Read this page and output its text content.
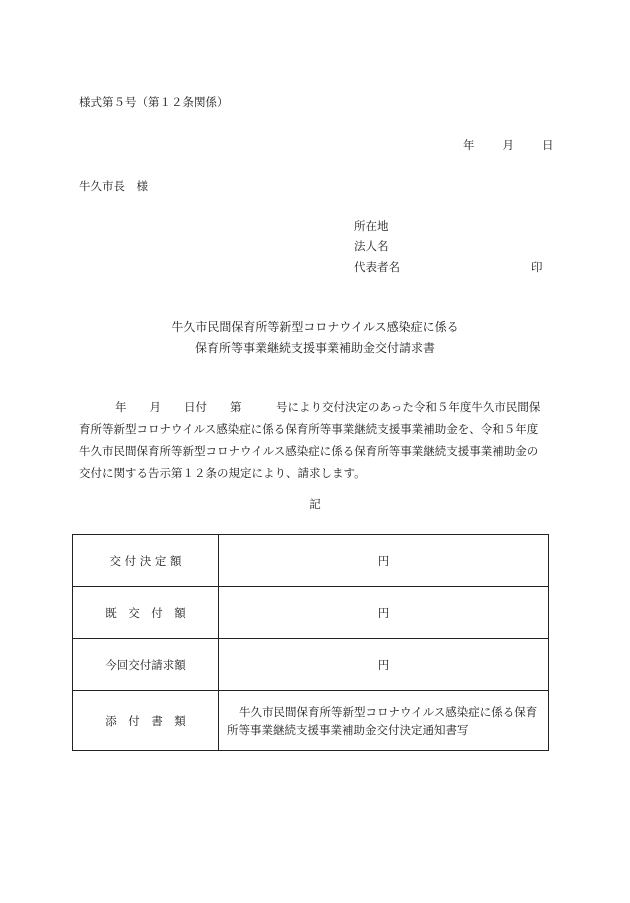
様式第５号（第１２条関係）
年 月 日
牛久市長　様
所在地
法人名
代表者名	印
牛久市民間保育所等新型コロナウイルス感染症に係る
保育所等事業継続支援事業補助金交付請求書
年　　月　　日付　　第　　　号により交付決定のあった令和５年度牛久市民間保
育所等新型コロナウイルス感染症に係る保育所等事業継続支援事業補助金を、令和５年度
牛久市民間保育所等新型コロナウイルス感染症に係る保育所等事業継続支援事業補助金の
交付に関する告示第１２条の規定により、請求します。
記
交 付 決 定 額	円
既　交　付　額	円
今回交付請求額	円
添　付　書　類	牛久市民間保育所等新型コロナウイルス感染症に係る保育
所等事業継続支援事業補助金交付決定通知書写
